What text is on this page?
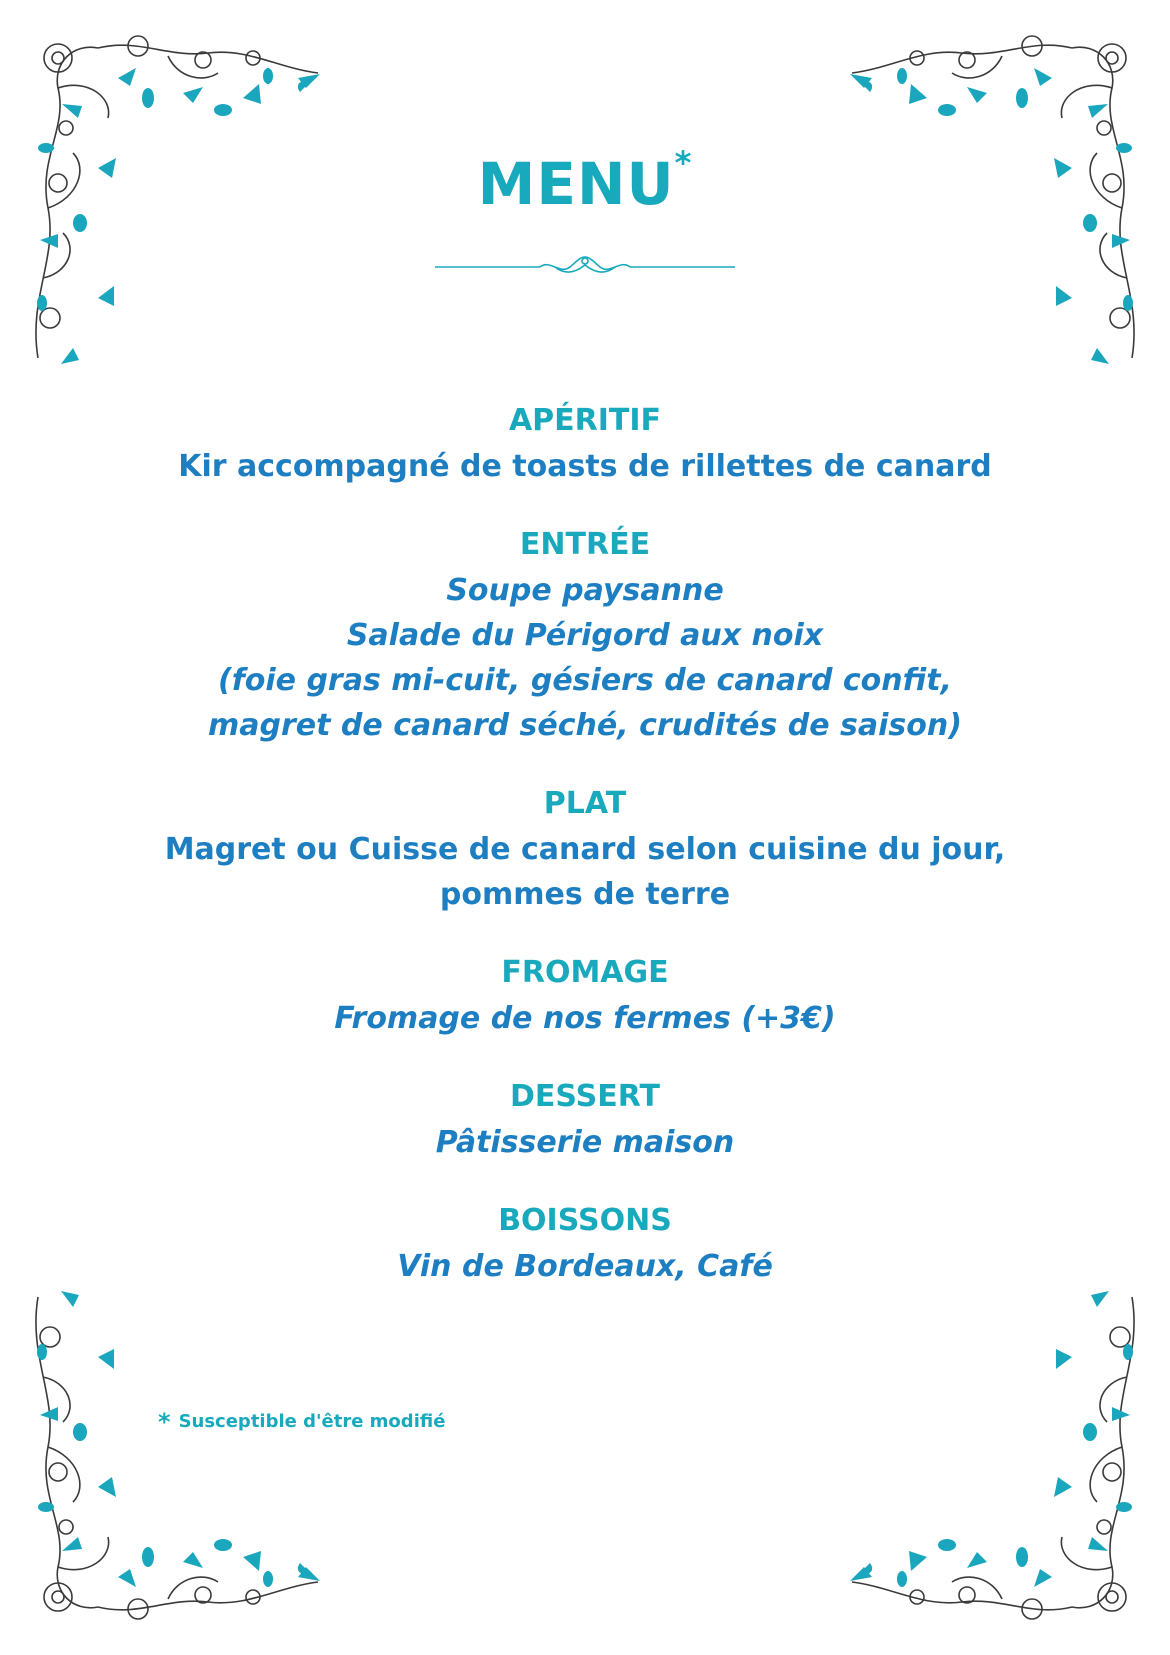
MENU*
APÉRITIF
Kir accompagné de toasts de rillettes de canard
ENTRÉE
Soupe paysanne
Salade du Périgord aux noix
(foie gras mi-cuit, gésiers de canard confit,
magret de canard séché, crudités de saison)
PLAT
Magret ou Cuisse de canard selon cuisine du jour,
pommes de terre
FROMAGE
Fromage de nos fermes (+3€)
DESSERT
Pâtisserie maison
BOISSONS
Vin de Bordeaux, Café
* Susceptible d'être modifié
